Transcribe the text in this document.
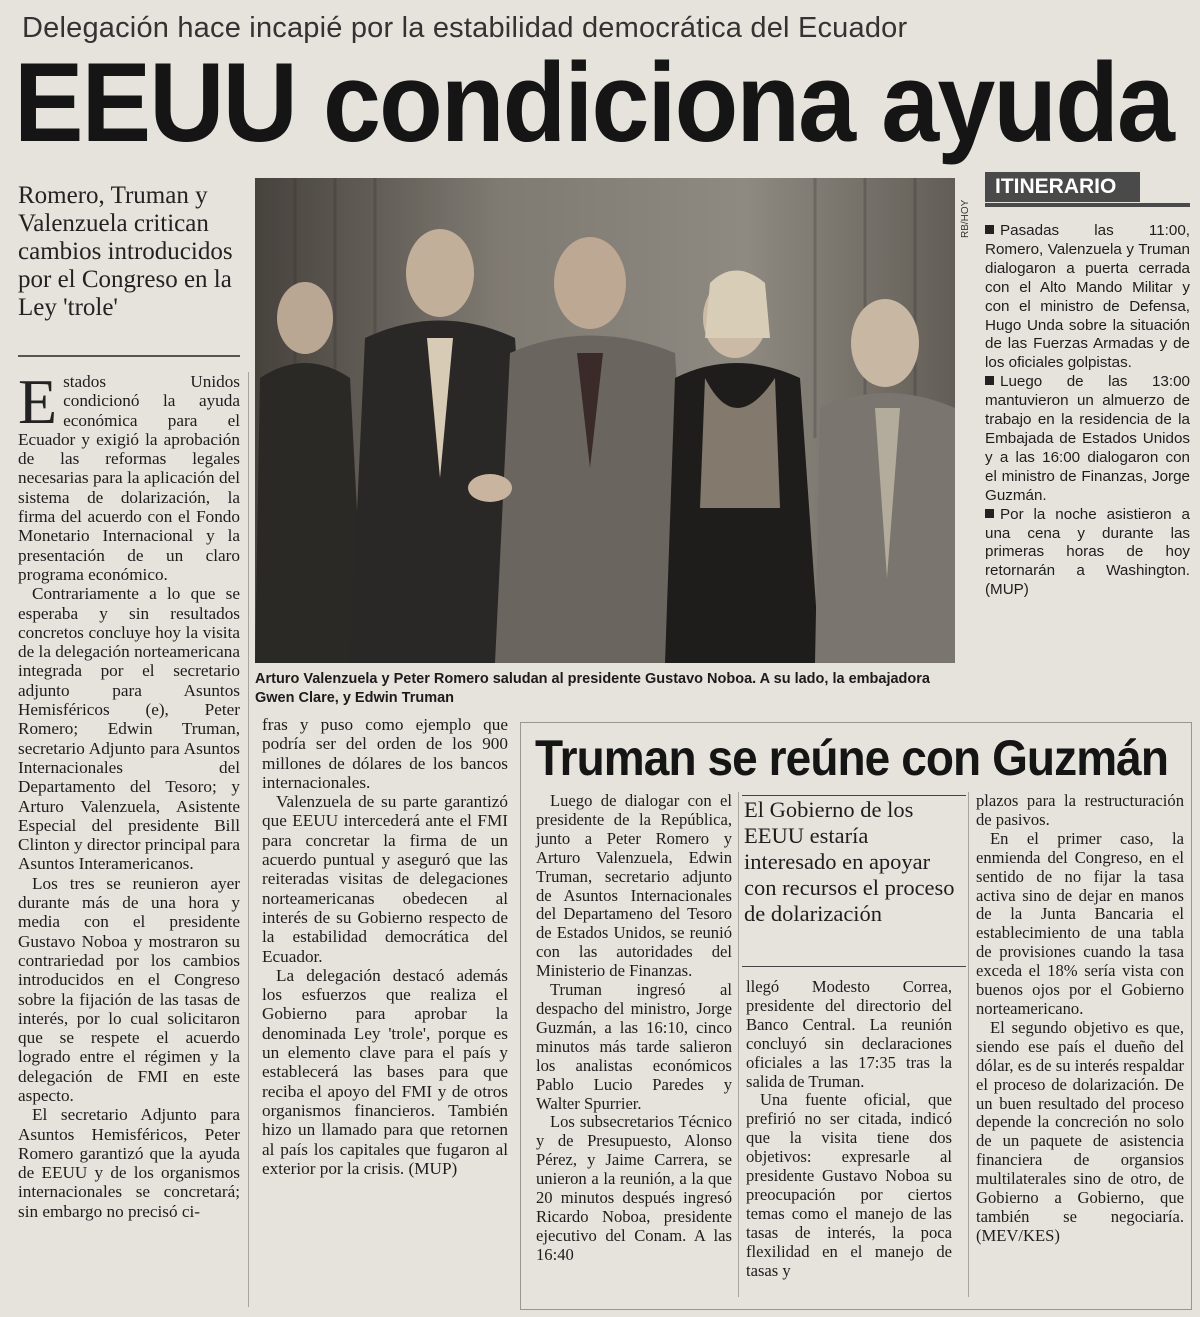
Delegación hace incapié por la estabilidad democrática del Ecuador
EEUU condiciona ayuda
Romero, Truman y Valenzuela critican cambios introducidos por el Congreso en la Ley 'trole'

Estados Unidos condicionó la ayuda económica para el Ecuador y exigió la aprobación de las reformas legales necesarias para la aplicación del sistema de dolarización, la firma del acuerdo con el Fondo Monetario Internacional y la presentación de un claro programa económico.

Contrariamente a lo que se esperaba y sin resultados concretos concluye hoy la visita de la delegación norteamericana integrada por el secretario adjunto para Asuntos Hemisféricos (e), Peter Romero; Edwin Truman, secretario Adjunto para Asuntos Internacionales del Departamento del Tesoro; y Arturo Valenzuela, Asistente Especial del presidente Bill Clinton y director principal para Asuntos Interamericanos.

Los tres se reunieron ayer durante más de una hora y media con el presidente Gustavo Noboa y mostraron su contrariedad por los cambios introducidos en el Congreso sobre la fijación de las tasas de interés, por lo cual solicitaron que se respete el acuerdo logrado entre el régimen y la delegación de FMI en este aspecto.

El secretario Adjunto para Asuntos Hemisféricos, Peter Romero garantizó que la ayuda de EEUU y de los organismos internacionales se concretará; sin embargo no precisó ci-

fras y puso como ejemplo que podría ser del orden de los 900 millones de dólares de los bancos internacionales.

Valenzuela de su parte garantizó que EEUU intercederá ante el FMI para concretar la firma de un acuerdo puntual y aseguró que las reiteradas visitas de delegaciones norteamericanas obedecen al interés de su Gobierno respecto de la estabilidad democrática del Ecuador.

La delegación destacó además los esfuerzos que realiza el Gobierno para aprobar la denominada Ley 'trole', porque es un elemento clave para el país y establecerá las bases para que reciba el apoyo del FMI y de otros organismos financieros. También hizo un llamado para que retornen al país los capitales que fugaron al exterior por la crisis. (MUP)

RB/HOY
Arturo Valenzuela y Peter Romero saludan al presidente Gustavo Noboa. A su lado, la embajadora Gwen Clare, y Edwin Truman
ITINERARIO

Pasadas las 11:00, Romero, Valenzuela y Truman dialogaron a puerta cerrada con el Alto Mando Militar y con el ministro de Defensa, Hugo Unda sobre la situación de las Fuerzas Armadas y de los oficiales golpistas.

Luego de las 13:00 mantuvieron un almuerzo de trabajo en la residencia de la Embajada de Estados Unidos y a las 16:00 dialogaron con el ministro de Finanzas, Jorge Guzmán.

Por la noche asistieron a una cena y durante las primeras horas de hoy retornarán a Washington. (MUP)

Truman se reúne con Guzmán

Luego de dialogar con el presidente de la República, junto a Peter Romero y Arturo Valenzuela, Edwin Truman, secretario adjunto de Asuntos Internacionales del Departameno del Tesoro de Estados Unidos, se reunió con las autoridades del Ministerio de Finanzas.

Truman ingresó al despacho del ministro, Jorge Guzmán, a las 16:10, cinco minutos más tarde salieron los analistas económicos Pablo Lucio Paredes y Walter Spurrier.

Los subsecretarios Técnico y de Presupuesto, Alonso Pérez, y Jaime Carrera, se unieron a la reunión, a la que 20 minutos después ingresó Ricardo Noboa, presidente ejecutivo del Conam. A las 16:40

El Gobierno de los EEUU estaría interesado en apoyar con recursos el proceso de dolarización

llegó Modesto Correa, presidente del directorio del Banco Central. La reunión concluyó sin declaraciones oficiales a las 17:35 tras la salida de Truman.

Una fuente oficial, que prefirió no ser citada, indicó que la visita tiene dos objetivos: expresarle al presidente Gustavo Noboa su preocupación por ciertos temas como el manejo de las tasas de interés, la poca flexilidad en el manejo de tasas y

plazos para la restructuración de pasivos.

En el primer caso, la enmienda del Congreso, en el sentido de no fijar la tasa activa sino de dejar en manos de la Junta Bancaria el establecimiento de una tabla de provisiones cuando la tasa exceda el 18% sería vista con buenos ojos por el Gobierno norteamericano.

El segundo objetivo es que, siendo ese país el dueño del dólar, es de su interés respaldar el proceso de dolarización. De un buen resultado del proceso depende la concreción no solo de un paquete de asistencia financiera de organsios multilaterales sino de otro, de Gobierno a Gobierno, que también se negociaría.(MEV/KES)
